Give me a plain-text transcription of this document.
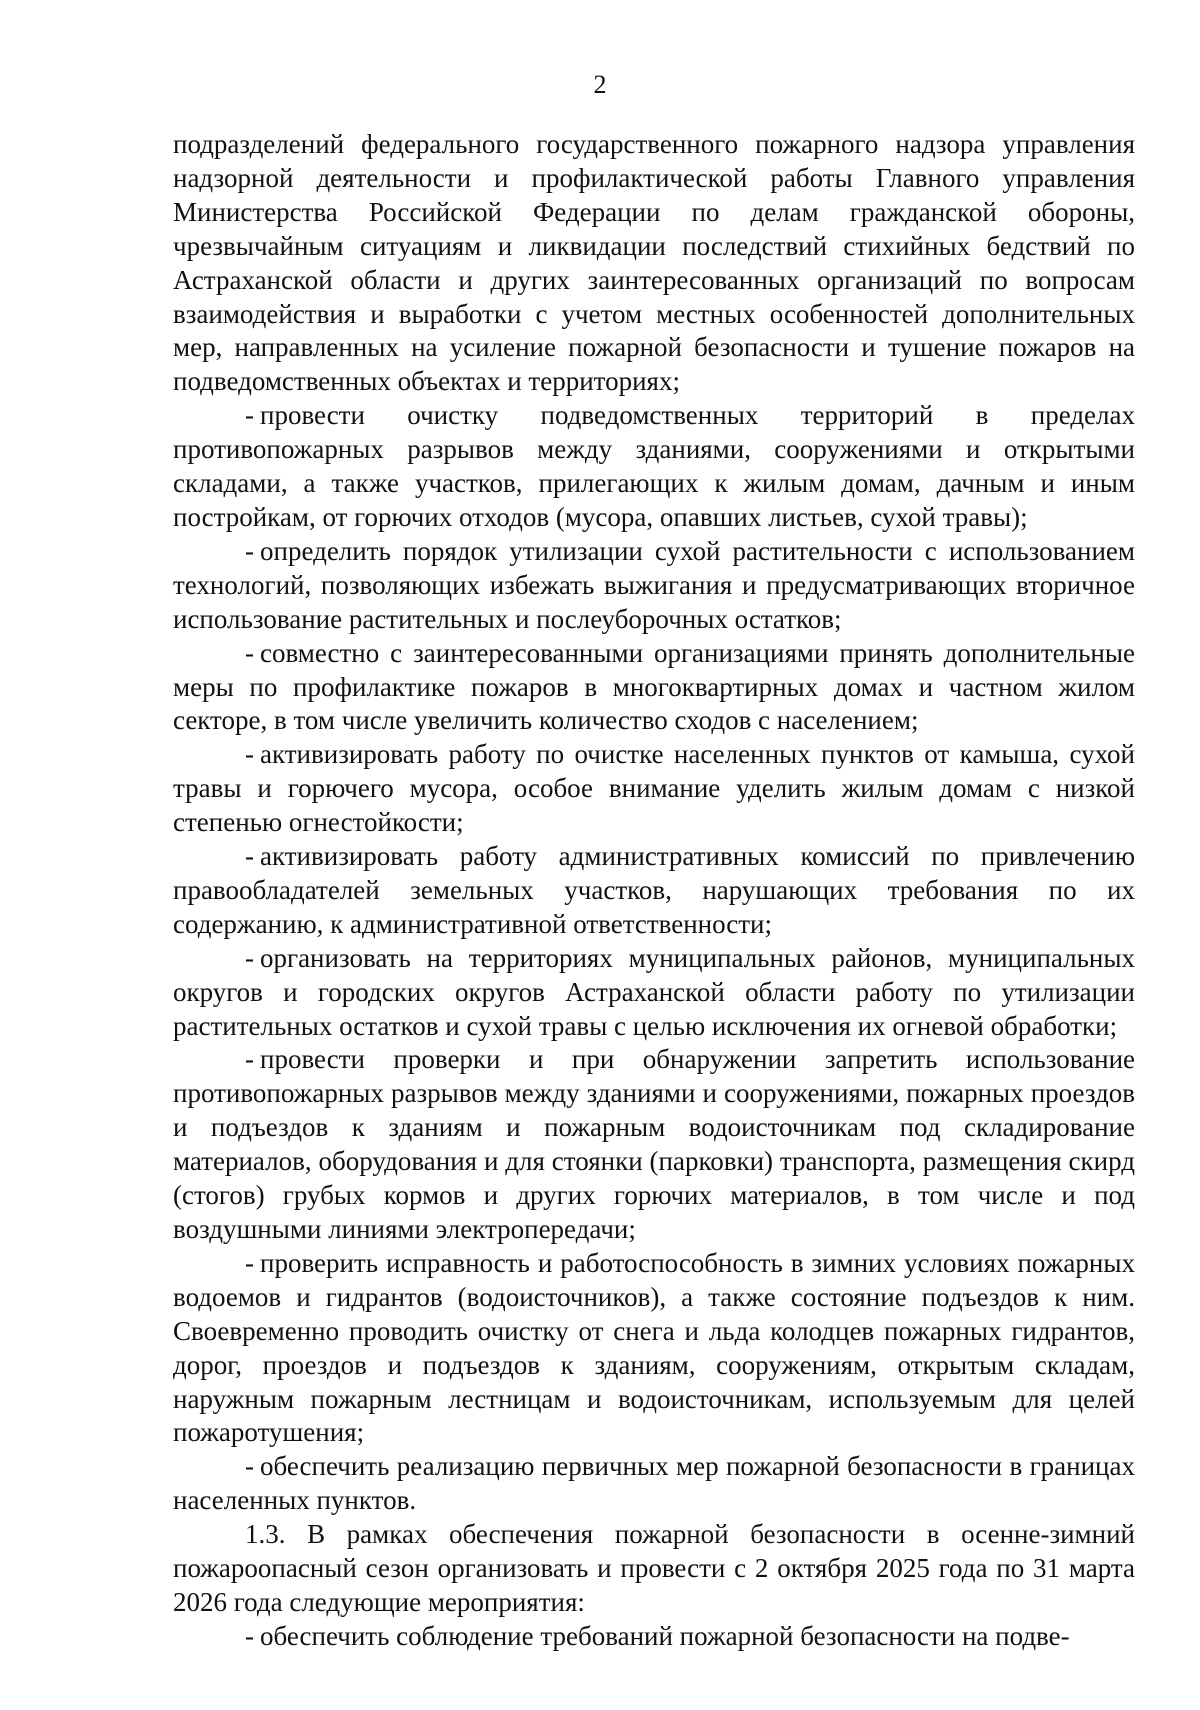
2

подразделений федерального государственного пожарного надзора управления надзорной деятельности и профилактической работы Главного управления Министерства Российской Федерации по делам гражданской обороны, чрезвычайным ситуациям и ликвидации последствий стихийных бедствий по Астраханской области и других заинтересованных организаций по вопросам взаимодействия и выработки с учетом местных особенностей дополнительных мер, направленных на усиление пожарной безопасности и тушение пожаров на подведомственных объектах и территориях;

- провести очистку подведомственных территорий в пределах противопожарных разрывов между зданиями, сооружениями и открытыми складами, а также участков, прилегающих к жилым домам, дачным и иным постройкам, от горючих отходов (мусора, опавших листьев, сухой травы);

- определить порядок утилизации сухой растительности с использованием технологий, позволяющих избежать выжигания и предусматривающих вторичное использование растительных и послеуборочных остатков;

- совместно с заинтересованными организациями принять дополнительные меры по профилактике пожаров в многоквартирных домах и частном жилом секторе, в том числе увеличить количество сходов с населением;

- активизировать работу по очистке населенных пунктов от камыша, сухой травы и горючего мусора, особое внимание уделить жилым домам с низкой степенью огнестойкости;

- активизировать работу административных комиссий по привлечению правообладателей земельных участков, нарушающих требования по их содержанию, к административной ответственности;

- организовать на территориях муниципальных районов, муниципальных округов и городских округов Астраханской области работу по утилизации растительных остатков и сухой травы с целью исключения их огневой обработки;

- провести проверки и при обнаружении запретить использование противопожарных разрывов между зданиями и сооружениями, пожарных проездов и подъездов к зданиям и пожарным водоисточникам под складирование материалов, оборудования и для стоянки (парковки) транспорта, размещения скирд (стогов) грубых кормов и других горючих материалов, в том числе и под воздушными линиями электропередачи;

- проверить исправность и работоспособность в зимних условиях пожарных водоемов и гидрантов (водоисточников), а также состояние подъездов к ним. Своевременно проводить очистку от снега и льда колодцев пожарных гидрантов, дорог, проездов и подъездов к зданиям, сооружениям, открытым складам, наружным пожарным лестницам и водоисточникам, используемым для целей пожаротушения;

- обеспечить реализацию первичных мер пожарной безопасности в границах населенных пунктов.

1.3. В рамках обеспечения пожарной безопасности в осенне-зимний пожароопасный сезон организовать и провести с 2 октября 2025 года по 31 марта 2026 года следующие мероприятия:

- обеспечить соблюдение требований пожарной безопасности на подве-
